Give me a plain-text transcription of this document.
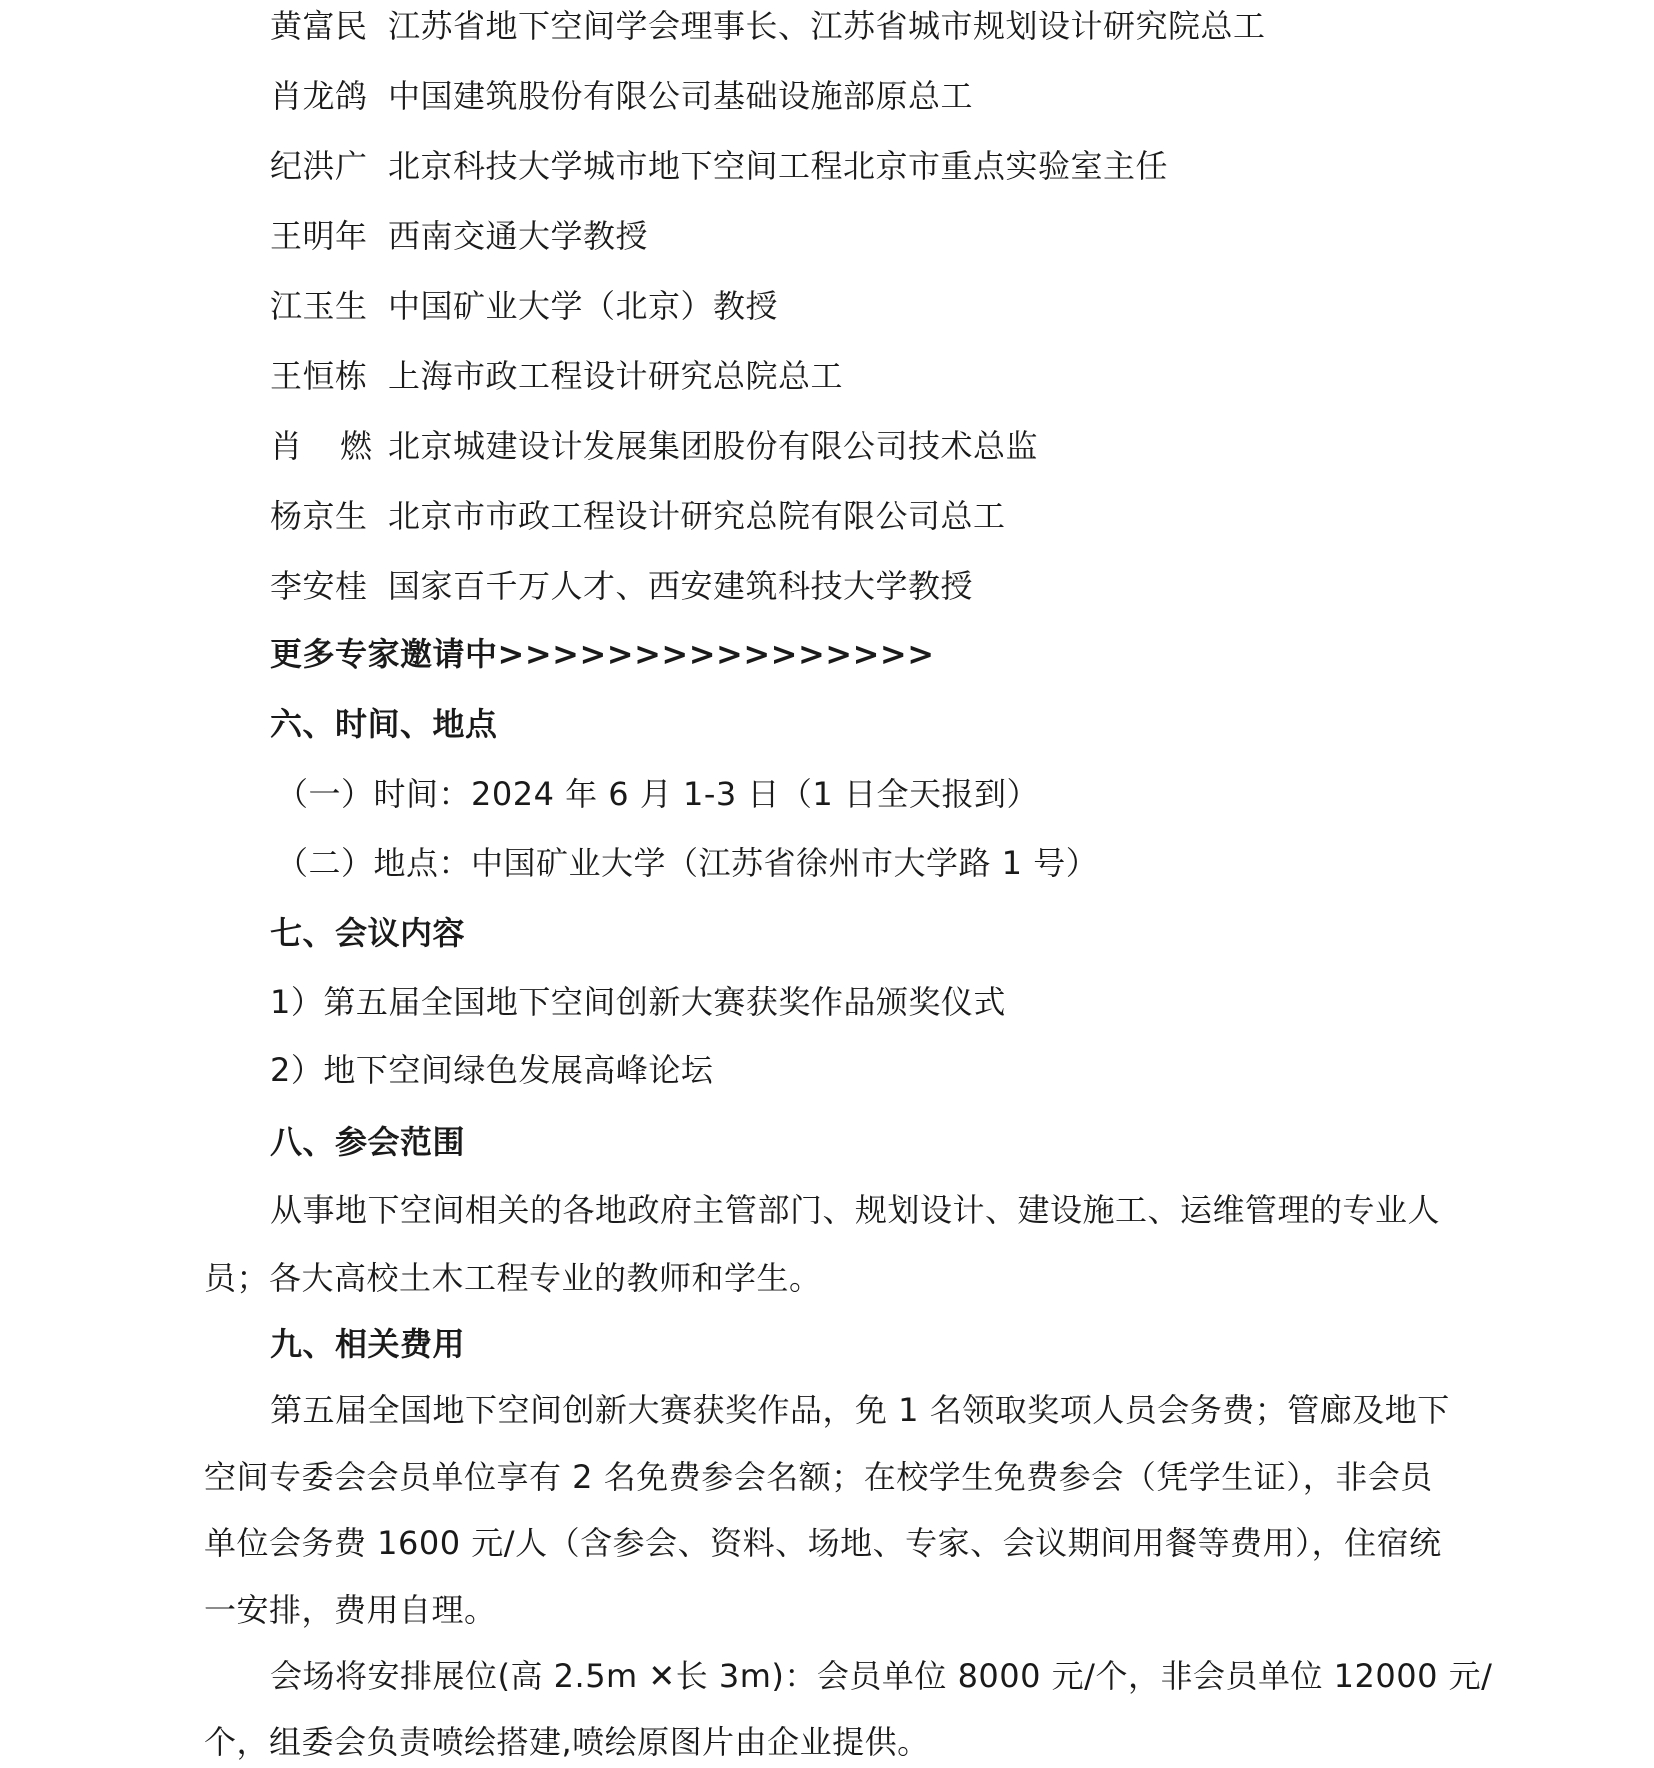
黄富民 江苏省地下空间学会理事长、江苏省城市规划设计研究院总工
肖龙鸽 中国建筑股份有限公司基础设施部原总工
纪洪广 北京科技大学城市地下空间工程北京市重点实验室主任
王明年 西南交通大学教授
江玉生 中国矿业大学（北京）教授
王恒栋 上海市政工程设计研究总院总工
肖燃北京城建设计发展集团股份有限公司技术总监
杨京生 北京市市政工程设计研究总院有限公司总工
李安桂 国家百千万人才、西安建筑科技大学教授
更多专家邀请中>>>>>>>>>>>>>>>>
六、时间、地点
（一）时间：2024 年 6 月 1-3 日（1 日全天报到）
（二）地点：中国矿业大学（江苏省徐州市大学路 1 号）
七、会议内容
1）第五届全国地下空间创新大赛获奖作品颁奖仪式
2）地下空间绿色发展高峰论坛
八、参会范围
从事地下空间相关的各地政府主管部门、规划设计、建设施工、运维管理的专业人
员；各大高校土木工程专业的教师和学生。
九、相关费用
第五届全国地下空间创新大赛获奖作品，免 1 名领取奖项人员会务费；管廊及地下
空间专委会会员单位享有 2 名免费参会名额；在校学生免费参会（凭学生证），非会员
单位会务费 1600 元/人（含参会、资料、场地、专家、会议期间用餐等费用），住宿统
一安排，费用自理。
会场将安排展位(高 2.5m ✕长 3m)：会员单位 8000 元/个，非会员单位 12000 元/
个，组委会负责喷绘搭建,喷绘原图片由企业提供。
